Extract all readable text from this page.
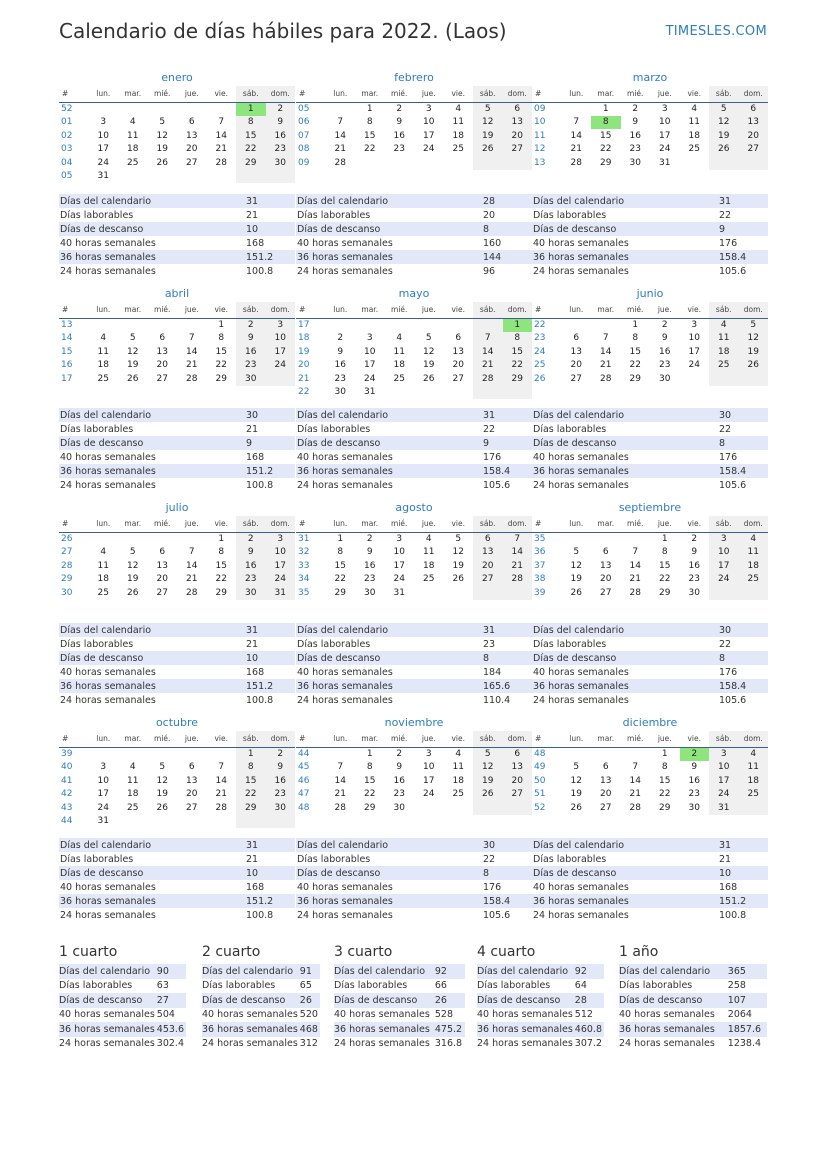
Calendario de días hábiles para 2022. (Laos)	TIMESLES.COM
enero
#	lun.	mar.	mié.	jue.	vie.	sáb.	dom.
52						1	2
01	3	4	5	6	7	8	9
02	10	11	12	13	14	15	16
03	17	18	19	20	21	22	23
04	24	25	26	27	28	29	30
05	31						
Días del calendario	31
Días laborables	21
Días de descanso	10
40 horas semanales	168
36 horas semanales	151.2
24 horas semanales	100.8
febrero
#	lun.	mar.	mié.	jue.	vie.	sáb.	dom.
05		1	2	3	4	5	6
06	7	8	9	10	11	12	13
07	14	15	16	17	18	19	20
08	21	22	23	24	25	26	27
09	28						
Días del calendario	28
Días laborables	20
Días de descanso	8
40 horas semanales	160
36 horas semanales	144
24 horas semanales	96
marzo
#	lun.	mar.	mié.	jue.	vie.	sáb.	dom.
09		1	2	3	4	5	6
10	7	8	9	10	11	12	13
11	14	15	16	17	18	19	20
12	21	22	23	24	25	26	27
13	28	29	30	31			
Días del calendario	31
Días laborables	22
Días de descanso	9
40 horas semanales	176
36 horas semanales	158.4
24 horas semanales	105.6
abril
#	lun.	mar.	mié.	jue.	vie.	sáb.	dom.
13					1	2	3
14	4	5	6	7	8	9	10
15	11	12	13	14	15	16	17
16	18	19	20	21	22	23	24
17	25	26	27	28	29	30	
Días del calendario	30
Días laborables	21
Días de descanso	9
40 horas semanales	168
36 horas semanales	151.2
24 horas semanales	100.8
mayo
#	lun.	mar.	mié.	jue.	vie.	sáb.	dom.
17							1
18	2	3	4	5	6	7	8
19	9	10	11	12	13	14	15
20	16	17	18	19	20	21	22
21	23	24	25	26	27	28	29
22	30	31					
Días del calendario	31
Días laborables	22
Días de descanso	9
40 horas semanales	176
36 horas semanales	158.4
24 horas semanales	105.6
junio
#	lun.	mar.	mié.	jue.	vie.	sáb.	dom.
22			1	2	3	4	5
23	6	7	8	9	10	11	12
24	13	14	15	16	17	18	19
25	20	21	22	23	24	25	26
26	27	28	29	30			
Días del calendario	30
Días laborables	22
Días de descanso	8
40 horas semanales	176
36 horas semanales	158.4
24 horas semanales	105.6
julio
#	lun.	mar.	mié.	jue.	vie.	sáb.	dom.
26					1	2	3
27	4	5	6	7	8	9	10
28	11	12	13	14	15	16	17
29	18	19	20	21	22	23	24
30	25	26	27	28	29	30	31
Días del calendario	31
Días laborables	21
Días de descanso	10
40 horas semanales	168
36 horas semanales	151.2
24 horas semanales	100.8
agosto
#	lun.	mar.	mié.	jue.	vie.	sáb.	dom.
31	1	2	3	4	5	6	7
32	8	9	10	11	12	13	14
33	15	16	17	18	19	20	21
34	22	23	24	25	26	27	28
35	29	30	31				
Días del calendario	31
Días laborables	23
Días de descanso	8
40 horas semanales	184
36 horas semanales	165.6
24 horas semanales	110.4
septiembre
#	lun.	mar.	mié.	jue.	vie.	sáb.	dom.
35				1	2	3	4
36	5	6	7	8	9	10	11
37	12	13	14	15	16	17	18
38	19	20	21	22	23	24	25
39	26	27	28	29	30		
Días del calendario	30
Días laborables	22
Días de descanso	8
40 horas semanales	176
36 horas semanales	158.4
24 horas semanales	105.6
octubre
#	lun.	mar.	mié.	jue.	vie.	sáb.	dom.
39						1	2
40	3	4	5	6	7	8	9
41	10	11	12	13	14	15	16
42	17	18	19	20	21	22	23
43	24	25	26	27	28	29	30
44	31						
Días del calendario	31
Días laborables	21
Días de descanso	10
40 horas semanales	168
36 horas semanales	151.2
24 horas semanales	100.8
noviembre
#	lun.	mar.	mié.	jue.	vie.	sáb.	dom.
44		1	2	3	4	5	6
45	7	8	9	10	11	12	13
46	14	15	16	17	18	19	20
47	21	22	23	24	25	26	27
48	28	29	30				
Días del calendario	30
Días laborables	22
Días de descanso	8
40 horas semanales	176
36 horas semanales	158.4
24 horas semanales	105.6
diciembre
#	lun.	mar.	mié.	jue.	vie.	sáb.	dom.
48				1	2	3	4
49	5	6	7	8	9	10	11
50	12	13	14	15	16	17	18
51	19	20	21	22	23	24	25
52	26	27	28	29	30	31	
Días del calendario	31
Días laborables	21
Días de descanso	10
40 horas semanales	168
36 horas semanales	151.2
24 horas semanales	100.8
1 cuarto
Días del calendario	90
Días laborables	63
Días de descanso	27
40 horas semanales	504
36 horas semanales	453.6
24 horas semanales	302.4
2 cuarto
Días del calendario	91
Días laborables	65
Días de descanso	26
40 horas semanales	520
36 horas semanales	468
24 horas semanales	312
3 cuarto
Días del calendario	92
Días laborables	66
Días de descanso	26
40 horas semanales	528
36 horas semanales	475.2
24 horas semanales	316.8
4 cuarto
Días del calendario	92
Días laborables	64
Días de descanso	28
40 horas semanales	512
36 horas semanales	460.8
24 horas semanales	307.2
1 año
Días del calendario	365
Días laborables	258
Días de descanso	107
40 horas semanales	2064
36 horas semanales	1857.6
24 horas semanales	1238.4
